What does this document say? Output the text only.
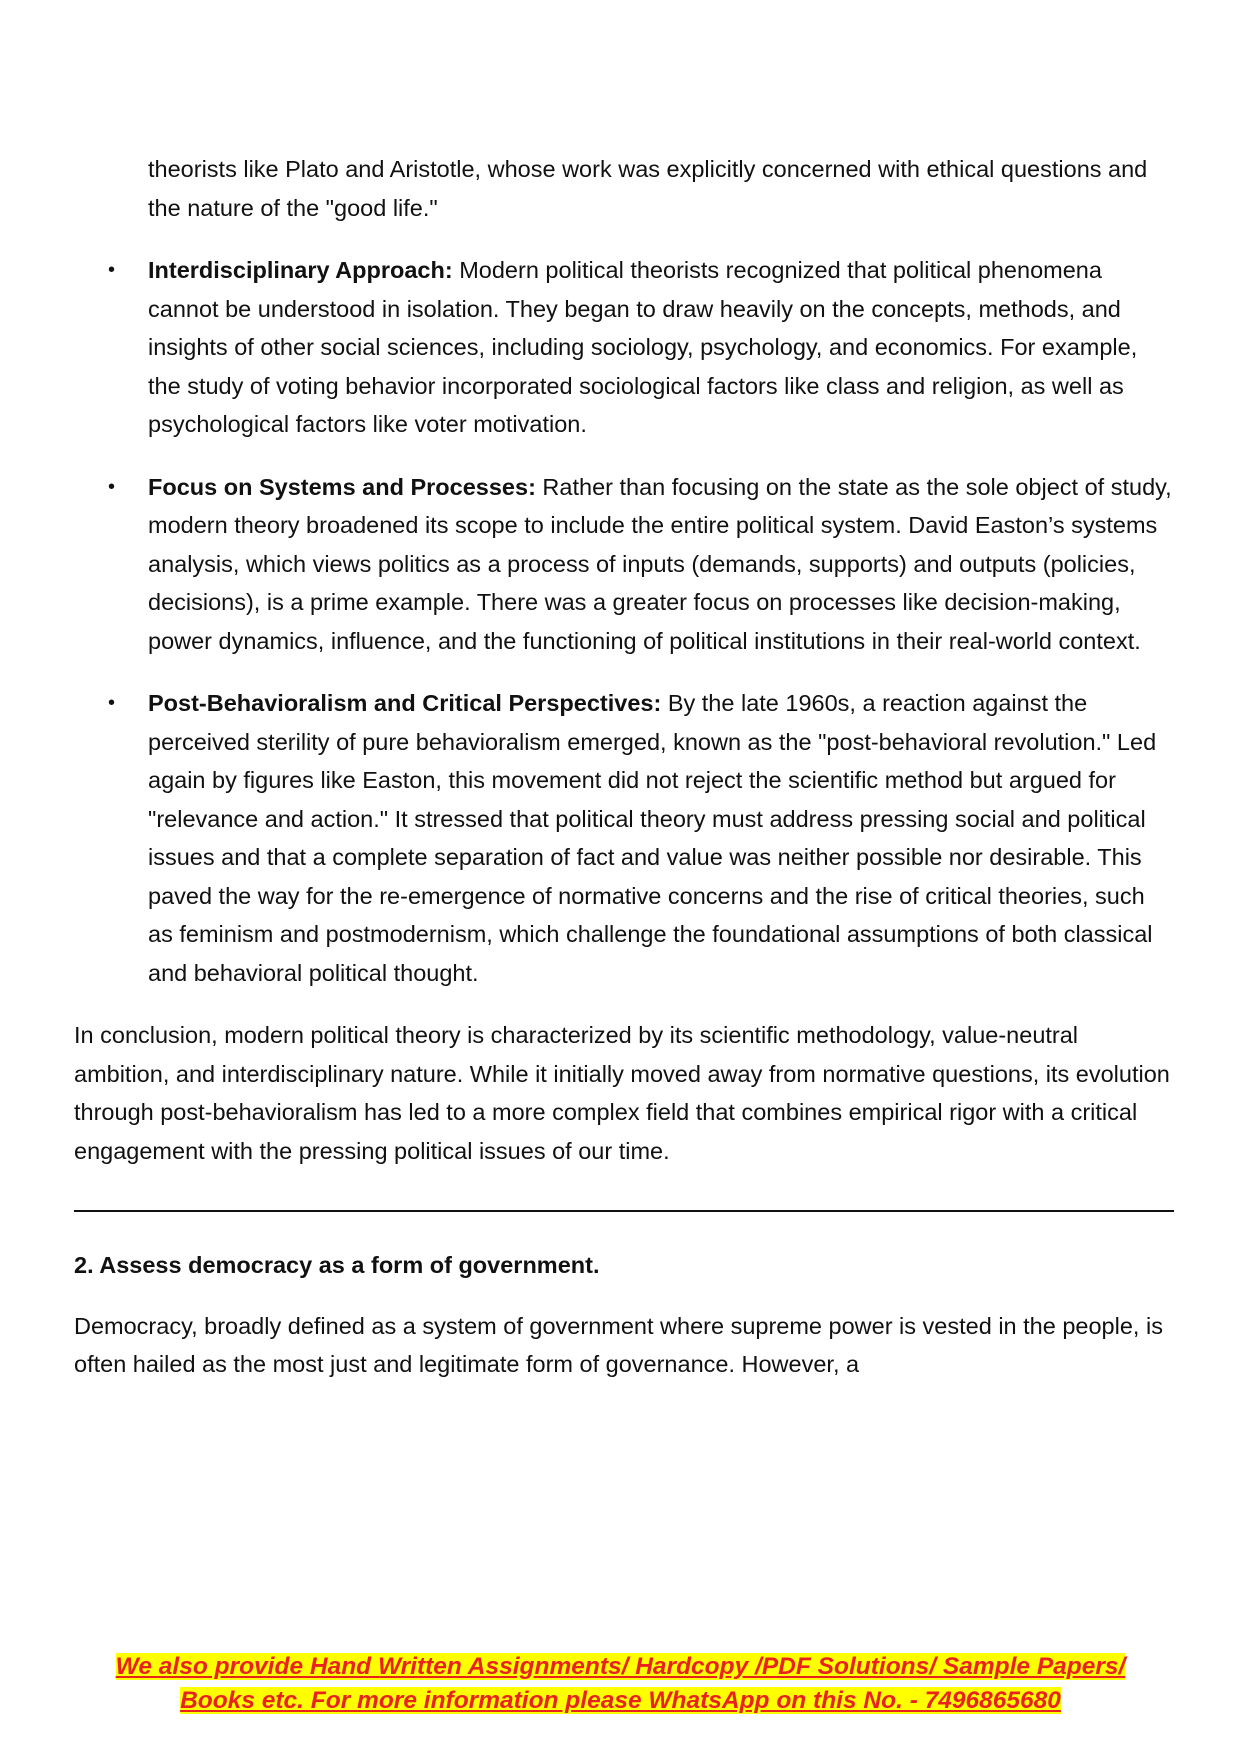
theorists like Plato and Aristotle, whose work was explicitly concerned with ethical questions and the nature of the "good life."

• Interdisciplinary Approach: Modern political theorists recognized that political phenomena cannot be understood in isolation. They began to draw heavily on the concepts, methods, and insights of other social sciences, including sociology, psychology, and economics. For example, the study of voting behavior incorporated sociological factors like class and religion, as well as psychological factors like voter motivation.
• Focus on Systems and Processes: Rather than focusing on the state as the sole object of study, modern theory broadened its scope to include the entire political system. David Easton’s systems analysis, which views politics as a process of inputs (demands, supports) and outputs (policies, decisions), is a prime example. There was a greater focus on processes like decision-making, power dynamics, influence, and the functioning of political institutions in their real-world context.
• Post-Behavioralism and Critical Perspectives: By the late 1960s, a reaction against the perceived sterility of pure behavioralism emerged, known as the "post-behavioral revolution." Led again by figures like Easton, this movement did not reject the scientific method but argued for "relevance and action." It stressed that political theory must address pressing social and political issues and that a complete separation of fact and value was neither possible nor desirable. This paved the way for the re-emergence of normative concerns and the rise of critical theories, such as feminism and postmodernism, which challenge the foundational assumptions of both classical and behavioral political thought.

In conclusion, modern political theory is characterized by its scientific methodology, value-neutral ambition, and interdisciplinary nature. While it initially moved away from normative questions, its evolution through post-behavioralism has led to a more complex field that combines empirical rigor with a critical engagement with the pressing political issues of our time.

2. Assess democracy as a form of government.

Democracy, broadly defined as a system of government where supreme power is vested in the people, is often hailed as the most just and legitimate form of governance. However, a

We also provide Hand Written Assignments/ Hardcopy /PDF Solutions/ Sample Papers/
Books etc. For more information please WhatsApp on this No. - 7496865680
